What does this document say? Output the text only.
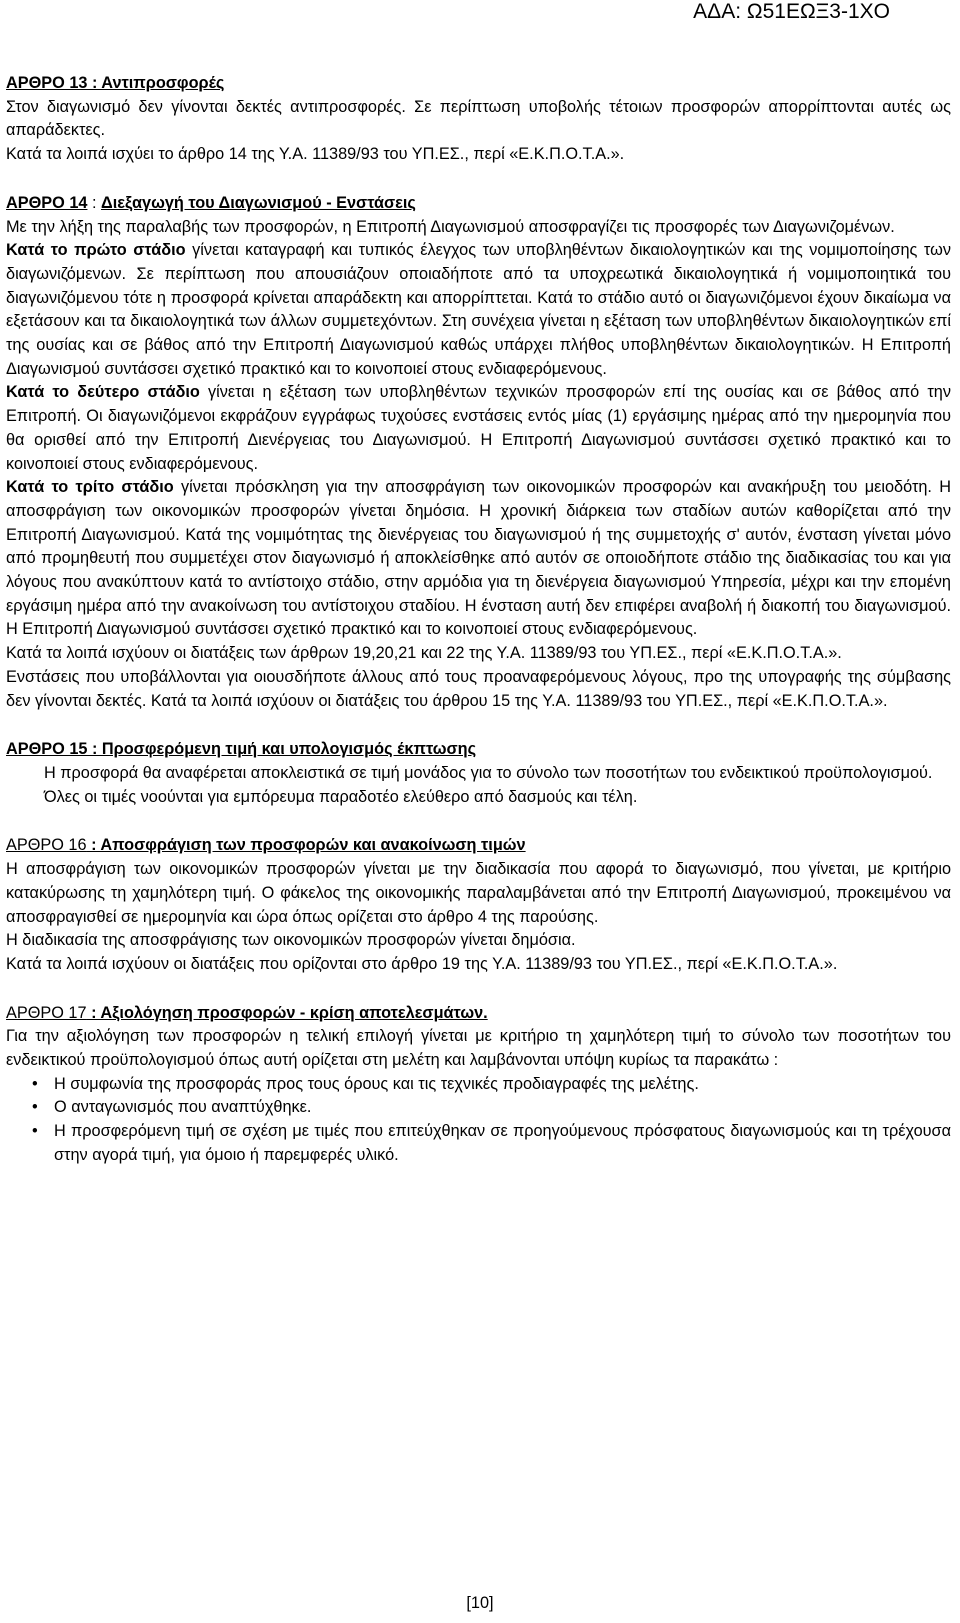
ΑΔΑ: Ω51ΕΩΞ3-1ΧΟ

ΑΡΘΡΟ 13 : Αντιπροσφορές

Στον διαγωνισμό δεν γίνονται δεκτές αντιπροσφορές. Σε περίπτωση υποβολής τέτοιων προσφορών απορρίπτονται αυτές ως απαράδεκτες.

Κατά τα λοιπά ισχύει το άρθρο 14 της Υ.Α. 11389/93 του ΥΠ.ΕΣ., περί «Ε.Κ.Π.Ο.Τ.Α.».

ΑΡΘΡΟ 14 : Διεξαγωγή του Διαγωνισμού - Ενστάσεις

Με την λήξη της παραλαβής των προσφορών, η Επιτροπή Διαγωνισμού αποσφραγίζει τις προσφορές των Διαγωνιζομένων.

Κατά το πρώτο στάδιο γίνεται καταγραφή και τυπικός έλεγχος των υποβληθέντων δικαιολογητικών και της νομιμοποίησης των διαγωνιζόμενων. Σε περίπτωση που απουσιάζουν οποιαδήποτε από τα υποχρεωτικά δικαιολογητικά ή νομιμοποιητικά του διαγωνιζόμενου τότε η προσφορά κρίνεται απαράδεκτη και απορρίπτεται. Κατά το στάδιο αυτό οι διαγωνιζόμενοι έχουν δικαίωμα να εξετάσουν και τα δικαιολογητικά των άλλων συμμετεχόντων. Στη συνέχεια γίνεται η εξέταση των υποβληθέντων δικαιολογητικών επί της ουσίας και σε βάθος από την Επιτροπή Διαγωνισμού καθώς υπάρχει πλήθος υποβληθέντων δικαιολογητικών. Η Επιτροπή Διαγωνισμού συντάσσει σχετικό πρακτικό και το κοινοποιεί στους ενδιαφερόμενους.

Κατά το δεύτερο στάδιο γίνεται η εξέταση των υποβληθέντων τεχνικών προσφορών επί της ουσίας και σε βάθος από την Επιτροπή. Οι διαγωνιζόμενοι εκφράζουν εγγράφως τυχούσες ενστάσεις εντός μίας (1) εργάσιμης ημέρας από την ημερομηνία που θα ορισθεί από την Επιτροπή Διενέργειας του Διαγωνισμού. Η Επιτροπή Διαγωνισμού συντάσσει σχετικό πρακτικό και το κοινοποιεί στους ενδιαφερόμενους.

Κατά το τρίτο στάδιο γίνεται πρόσκληση για την αποσφράγιση των οικονομικών προσφορών και ανακήρυξη του μειοδότη. Η αποσφράγιση των οικονομικών προσφορών γίνεται δημόσια. Η χρονική διάρκεια των σταδίων αυτών καθορίζεται από την Επιτροπή Διαγωνισμού. Κατά της νομιμότητας της διενέργειας του διαγωνισμού ή της συμμετοχής σ' αυτόν, ένσταση γίνεται μόνο από προμηθευτή που συμμετέχει στον διαγωνισμό ή αποκλείσθηκε από αυτόν σε οποιοδήποτε στάδιο της διαδικασίας του και για λόγους που ανακύπτουν κατά το αντίστοιχο στάδιο, στην αρμόδια για τη διενέργεια διαγωνισμού Υπηρεσία, μέχρι και την επομένη εργάσιμη ημέρα από την ανακοίνωση του αντίστοιχου σταδίου. Η ένσταση αυτή δεν επιφέρει αναβολή ή διακοπή του διαγωνισμού. Η Επιτροπή Διαγωνισμού συντάσσει σχετικό πρακτικό και το κοινοποιεί στους ενδιαφερόμενους.

Κατά τα λοιπά ισχύουν οι διατάξεις των άρθρων 19,20,21 και 22 της Υ.Α. 11389/93 του ΥΠ.ΕΣ., περί «Ε.Κ.Π.Ο.Τ.Α.».

Ενστάσεις που υποβάλλονται για οιουσδήποτε άλλους από τους προαναφερόμενους λόγους, προ της υπογραφής της σύμβασης δεν γίνονται δεκτές. Κατά τα λοιπά ισχύουν οι διατάξεις του άρθρου 15 της Υ.Α. 11389/93 του ΥΠ.ΕΣ., περί «Ε.Κ.Π.Ο.Τ.Α.».

ΑΡΘΡΟ 15 : Προσφερόμενη τιμή και υπολογισμός έκπτωσης

Η προσφορά θα αναφέρεται αποκλειστικά σε τιμή μονάδος για το σύνολο των ποσοτήτων του ενδεικτικού προϋπολογισμού.

Όλες οι τιμές νοούνται για εμπόρευμα παραδοτέο ελεύθερο από δασμούς και τέλη.

ΑΡΘΡΟ 16 : Αποσφράγιση των προσφορών και ανακοίνωση τιμών

Η αποσφράγιση των οικονομικών προσφορών γίνεται με την διαδικασία που αφορά το διαγωνισμό, που γίνεται, με κριτήριο κατακύρωσης τη χαμηλότερη τιμή. Ο φάκελος της οικονομικής παραλαμβάνεται από την Επιτροπή Διαγωνισμού, προκειμένου να αποσφραγισθεί σε ημερομηνία και ώρα όπως ορίζεται στο άρθρο 4 της παρούσης.

Η διαδικασία της αποσφράγισης των οικονομικών προσφορών γίνεται δημόσια.

Κατά τα λοιπά ισχύουν οι διατάξεις που ορίζονται στο άρθρο 19 της Υ.Α. 11389/93 του ΥΠ.ΕΣ., περί «Ε.Κ.Π.Ο.Τ.Α.».

ΑΡΘΡΟ 17 : Αξιολόγηση προσφορών - κρίση αποτελεσμάτων.

Για την αξιολόγηση των προσφορών η τελική επιλογή γίνεται με κριτήριο τη χαμηλότερη τιμή το σύνολο των ποσοτήτων του ενδεικτικού προϋπολογισμού όπως αυτή ορίζεται στη μελέτη και λαμβάνονται υπόψη κυρίως τα παρακάτω :

• Η συμφωνία της προσφοράς προς τους όρους και τις τεχνικές προδιαγραφές της μελέτης.
• Ο ανταγωνισμός που αναπτύχθηκε.
• Η προσφερόμενη τιμή σε σχέση με τιμές που επιτεύχθηκαν σε προηγούμενους πρόσφατους διαγωνισμούς και τη τρέχουσα στην αγορά τιμή, για όμοιο ή παρεμφερές υλικό.
[10]
